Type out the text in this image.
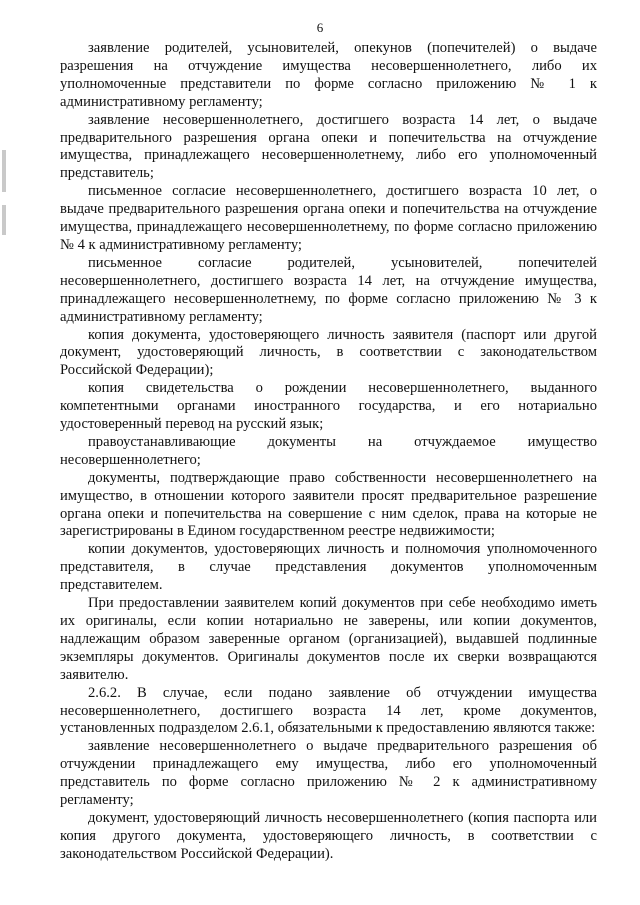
6

заявление родителей, усыновителей, опекунов (попечителей) о выдаче разрешения на отчуждение имущества несовершеннолетнего, либо их уполномоченные представители по форме согласно приложению № 1 к административному регламенту;

заявление несовершеннолетнего, достигшего возраста 14 лет, о выдаче предварительного разрешения органа опеки и попечительства на отчуждение имущества, принадлежащего несовершеннолетнему, либо его уполномоченный представитель;

письменное согласие несовершеннолетнего, достигшего возраста 10 лет, о выдаче предварительного разрешения органа опеки и попечительства на отчуждение имущества, принадлежащего несовершеннолетнему, по форме согласно приложению № 4 к административному регламенту;

письменное согласие родителей, усыновителей, попечителей несовершеннолетнего, достигшего возраста 14 лет, на отчуждение имущества, принадлежащего несовершеннолетнему, по форме согласно приложению № 3 к административному регламенту;

копия документа, удостоверяющего личность заявителя (паспорт или другой документ, удостоверяющий личность, в соответствии с законодательством Российской Федерации);

копия свидетельства о рождении несовершеннолетнего, выданного компетентными органами иностранного государства, и его нотариально удостоверенный перевод на русский язык;

правоустанавливающие документы на отчуждаемое имущество несовершеннолетнего;

документы, подтверждающие право собственности несовершеннолетнего на имущество, в отношении которого заявители просят предварительное разрешение органа опеки и попечительства на совершение с ним сделок, права на которые не зарегистрированы в Едином государственном реестре недвижимости;

копии документов, удостоверяющих личность и полномочия уполномоченного представителя, в случае представления документов уполномоченным представителем.

При предоставлении заявителем копий документов при себе необходимо иметь их оригиналы, если копии нотариально не заверены, или копии документов, надлежащим образом заверенные органом (организацией), выдавшей подлинные экземпляры документов. Оригиналы документов после их сверки возвращаются заявителю.

2.6.2. В случае, если подано заявление об отчуждении имущества несовершеннолетнего, достигшего возраста 14 лет, кроме документов, установленных подразделом 2.6.1, обязательными к предоставлению являются также:

заявление несовершеннолетнего о выдаче предварительного разрешения об отчуждении принадлежащего ему имущества, либо его уполномоченный представитель по форме согласно приложению № 2 к административному регламенту;

документ, удостоверяющий личность несовершеннолетнего (копия паспорта или копия другого документа, удостоверяющего личность, в соответствии с законодательством Российской Федерации).
